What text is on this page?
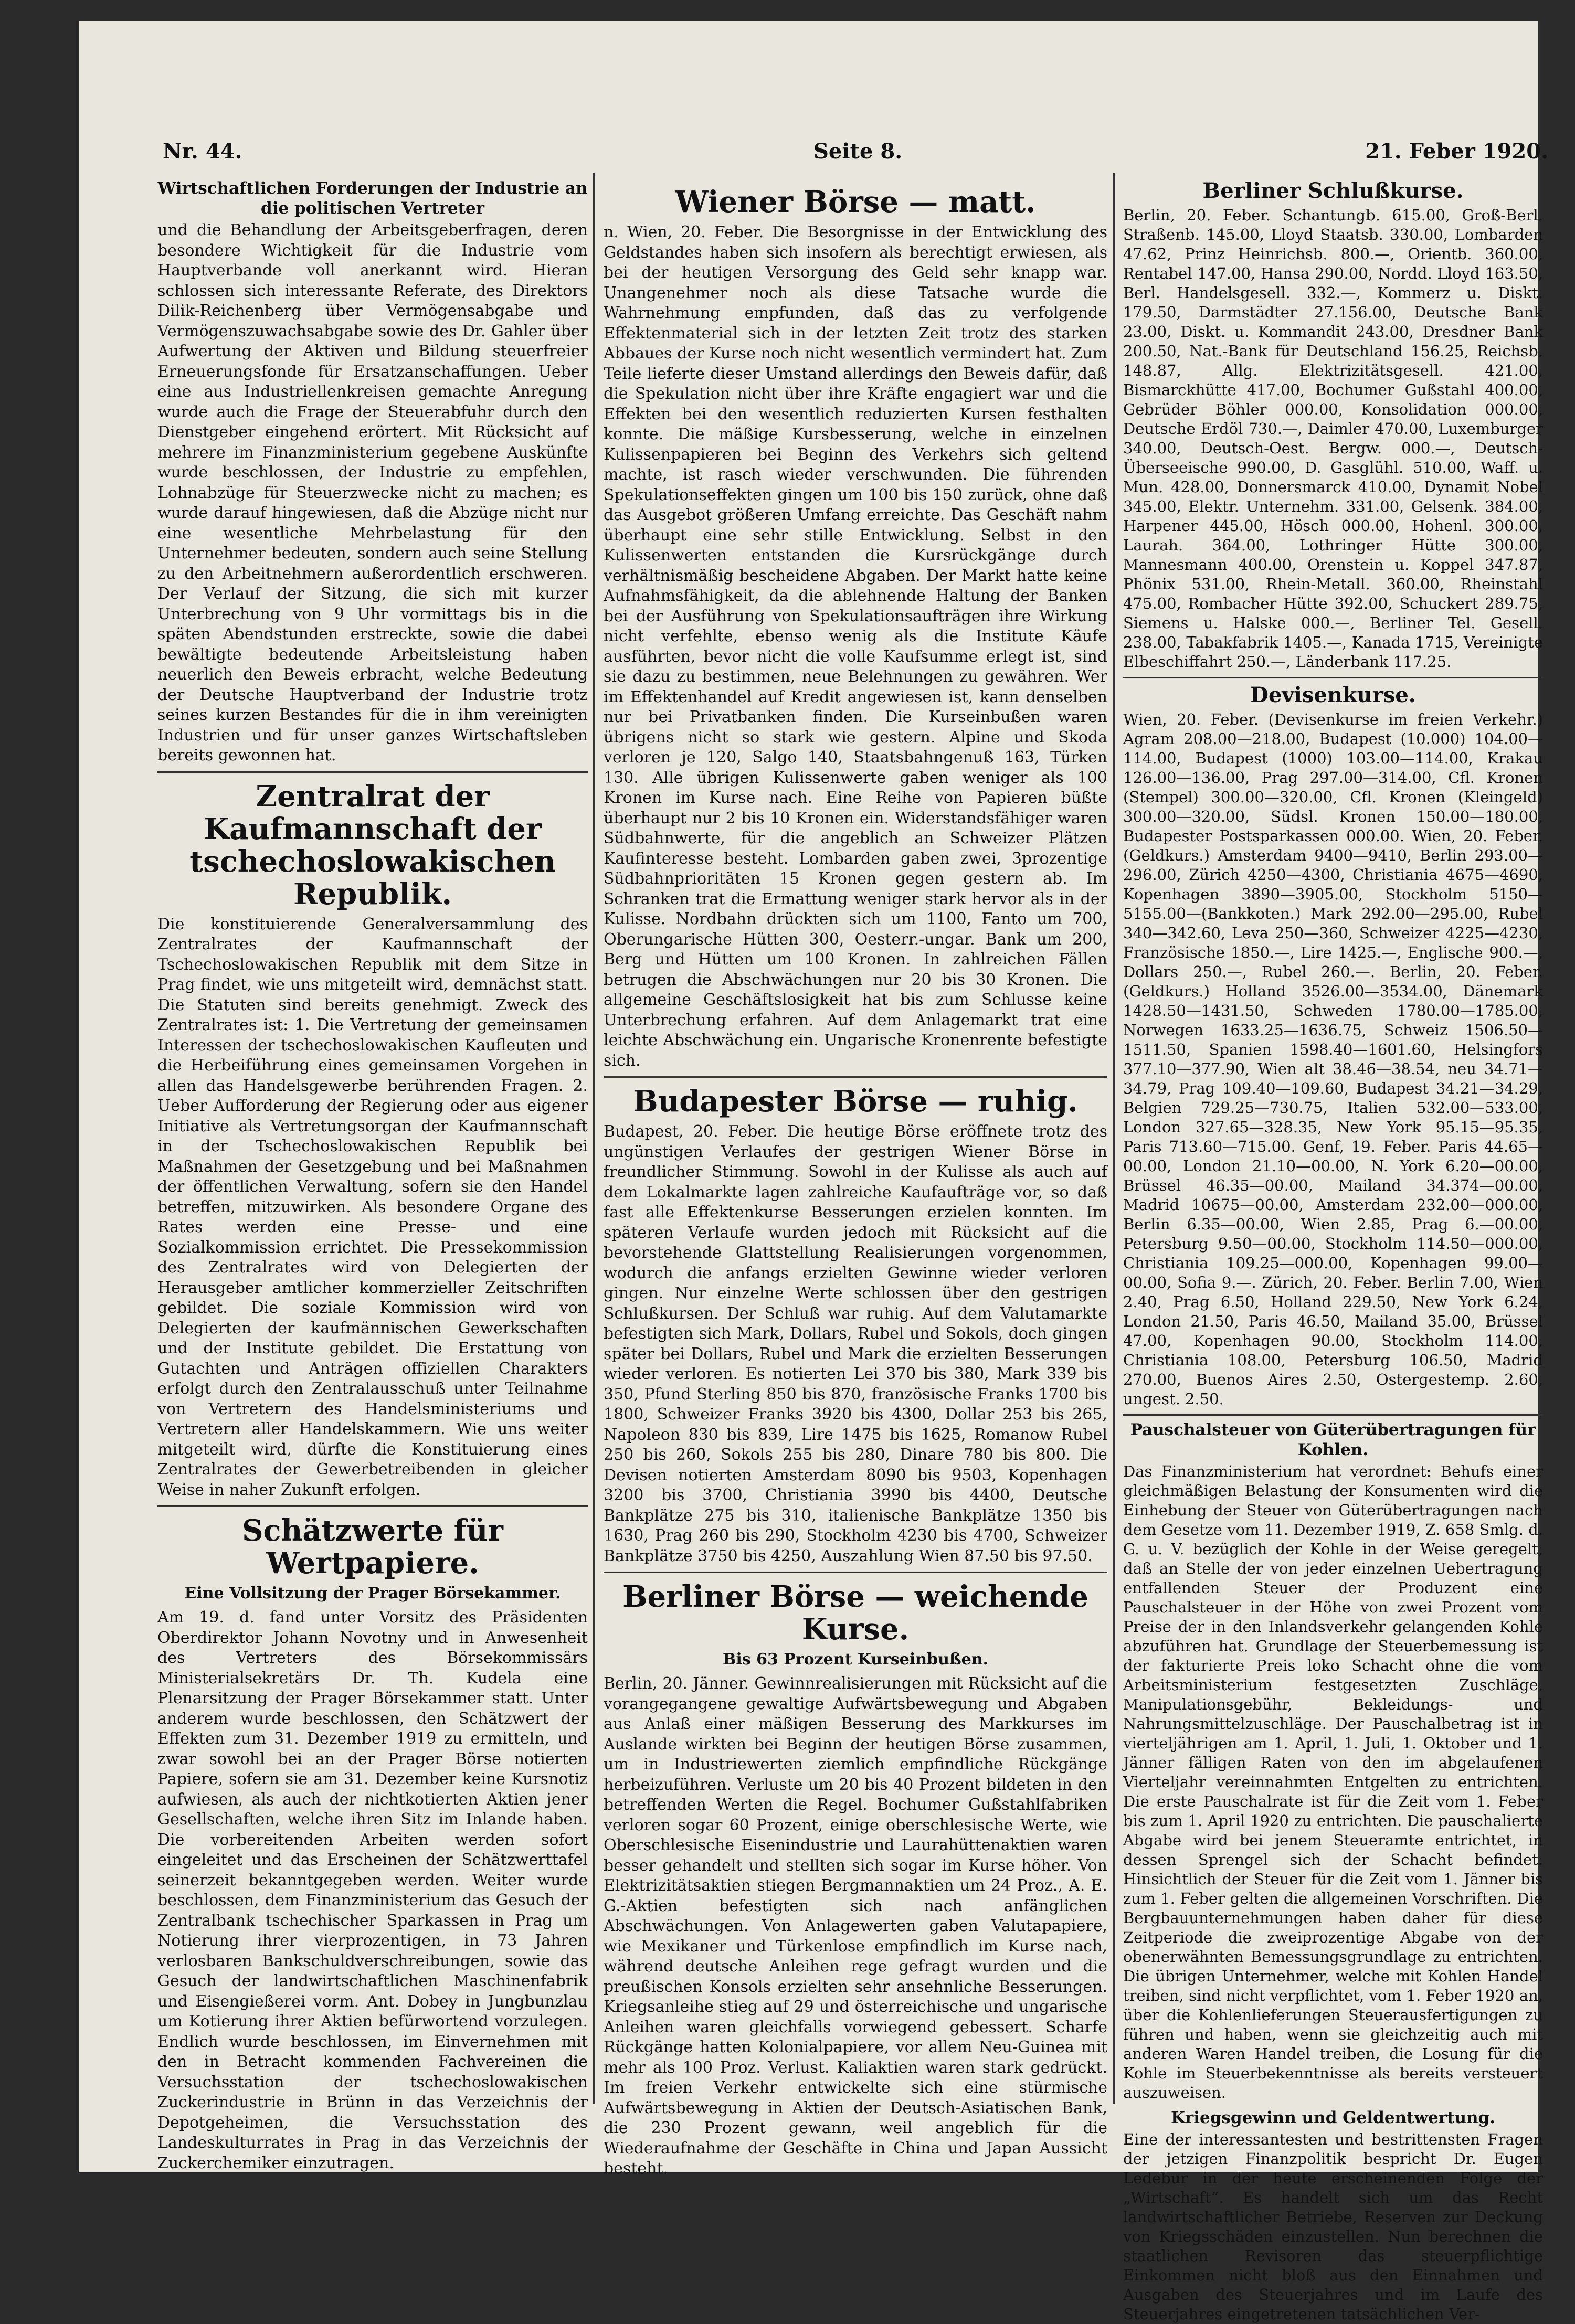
Nr. 44.	Seite 8.	21. Feber 1920.
Wirtschaftlichen Forderungen der Industrie an die politischen Vertreter

und die Behandlung der Arbeitsgeberfragen, deren besondere Wichtigkeit für die Industrie vom Hauptverbande voll anerkannt wird. Hieran schlossen sich interessante Referate, des Direktors Dilik-Reichenberg über Vermögensabgabe und Vermögenszuwachsabgabe sowie des Dr. Gahler über Aufwertung der Aktiven und Bildung steuerfreier Erneuerungsfonde für Ersatzanschaffungen. Ueber eine aus Industriellenkreisen gemachte Anregung wurde auch die Frage der Steuerabfuhr durch den Dienstgeber eingehend erörtert. Mit Rücksicht auf mehrere im Finanzministerium gegebene Auskünfte wurde beschlossen, der Industrie zu empfehlen, Lohnabzüge für Steuerzwecke nicht zu machen; es wurde darauf hingewiesen, daß die Abzüge nicht nur eine wesentliche Mehrbelastung für den Unternehmer bedeuten, sondern auch seine Stellung zu den Arbeitnehmern außerordentlich erschweren. Der Verlauf der Sitzung, die sich mit kurzer Unterbrechung von 9 Uhr vormittags bis in die späten Abendstunden erstreckte, sowie die dabei bewältigte bedeutende Arbeitsleistung haben neuerlich den Beweis erbracht, welche Bedeutung der Deutsche Hauptverband der Industrie trotz seines kurzen Bestandes für die in ihm vereinigten Industrien und für unser ganzes Wirtschaftsleben bereits gewonnen hat.

Zentralrat der Kaufmannschaft der tschechoslowakischen Republik.

Die konstituierende Generalversammlung des Zentralrates der Kaufmannschaft der Tschechoslowakischen Republik mit dem Sitze in Prag findet, wie uns mitgeteilt wird, demnächst statt. Die Statuten sind bereits genehmigt. Zweck des Zentralrates ist: 1. Die Vertretung der gemeinsamen Interessen der tschechoslowakischen Kaufleuten und die Herbeiführung eines gemeinsamen Vorgehen in allen das Handelsgewerbe berührenden Fragen. 2. Ueber Aufforderung der Regierung oder aus eigener Initiative als Vertretungsorgan der Kaufmannschaft in der Tschechoslowakischen Republik bei Maßnahmen der Gesetzgebung und bei Maßnahmen der öffentlichen Verwaltung, sofern sie den Handel betreffen, mitzuwirken. Als besondere Organe des Rates werden eine Presse- und eine Sozialkommission errichtet. Die Pressekommission des Zentralrates wird von Delegierten der Herausgeber amtlicher kommerzieller Zeitschriften gebildet. Die soziale Kommission wird von Delegierten der kaufmännischen Gewerkschaften und der Institute gebildet. Die Erstattung von Gutachten und Anträgen offiziellen Charakters erfolgt durch den Zentralausschuß unter Teilnahme von Vertretern des Handelsministeriums und Vertretern aller Handelskammern. Wie uns weiter mitgeteilt wird, dürfte die Konstituierung eines Zentralrates der Gewerbetreibenden in gleicher Weise in naher Zukunft erfolgen.

Schätzwerte für Wertpapiere.
Eine Vollsitzung der Prager Börsekammer.

Am 19. d. fand unter Vorsitz des Präsidenten Oberdirektor Johann Novotny und in Anwesenheit des Vertreters des Börsekommissärs Ministerialsekretärs Dr. Th. Kudela eine Plenarsitzung der Prager Börsekammer statt. Unter anderem wurde beschlossen, den Schätzwert der Effekten zum 31. Dezember 1919 zu ermitteln, und zwar sowohl bei an der Prager Börse notierten Papiere, sofern sie am 31. Dezember keine Kursnotiz aufwiesen, als auch der nichtkotierten Aktien jener Gesellschaften, welche ihren Sitz im Inlande haben. Die vorbereitenden Arbeiten werden sofort eingeleitet und das Erscheinen der Schätzwerttafel seinerzeit bekanntgegeben werden. Weiter wurde beschlossen, dem Finanzministerium das Gesuch der Zentralbank tschechischer Sparkassen in Prag um Notierung ihrer vierprozentigen, in 73 Jahren verlosbaren Bankschuldverschreibungen, sowie das Gesuch der landwirtschaftlichen Maschinenfabrik und Eisengießerei vorm. Ant. Dobey in Jungbunzlau um Kotierung ihrer Aktien befürwortend vorzulegen. Endlich wurde beschlossen, im Einvernehmen mit den in Betracht kommenden Fachvereinen die Versuchsstation der tschechoslowakischen Zuckerindustrie in Brünn in das Verzeichnis der Depotgeheimen, die Versuchsstation des Landeskulturrates in Prag in das Verzeichnis der Zuckerchemiker einzutragen.

Wiener Börse — matt.

n. Wien, 20. Feber. Die Besorgnisse in der Entwicklung des Geldstandes haben sich insofern als berechtigt erwiesen, als bei der heutigen Versorgung des Geld sehr knapp war. Unangenehmer noch als diese Tatsache wurde die Wahrnehmung empfunden, daß das zu verfolgende Effektenmaterial sich in der letzten Zeit trotz des starken Abbaues der Kurse noch nicht wesentlich vermindert hat. Zum Teile lieferte dieser Umstand allerdings den Beweis dafür, daß die Spekulation nicht über ihre Kräfte engagiert war und die Effekten bei den wesentlich reduzierten Kursen festhalten konnte. Die mäßige Kursbesserung, welche in einzelnen Kulissenpapieren bei Beginn des Verkehrs sich geltend machte, ist rasch wieder verschwunden. Die führenden Spekulationseffekten gingen um 100 bis 150 zurück, ohne daß das Ausgebot größeren Umfang erreichte. Das Geschäft nahm überhaupt eine sehr stille Entwicklung. Selbst in den Kulissenwerten entstanden die Kursrückgänge durch verhältnismäßig bescheidene Abgaben. Der Markt hatte keine Aufnahmsfähigkeit, da die ablehnende Haltung der Banken bei der Ausführung von Spekulationsaufträgen ihre Wirkung nicht verfehlte, ebenso wenig als die Institute Käufe ausführten, bevor nicht die volle Kaufsumme erlegt ist, sind sie dazu zu bestimmen, neue Belehnungen zu gewähren. Wer im Effektenhandel auf Kredit angewiesen ist, kann denselben nur bei Privatbanken finden. Die Kurseinbußen waren übrigens nicht so stark wie gestern. Alpine und Skoda verloren je 120, Salgo 140, Staatsbahngenuß 163, Türken 130. Alle übrigen Kulissenwerte gaben weniger als 100 Kronen im Kurse nach. Eine Reihe von Papieren büßte überhaupt nur 2 bis 10 Kronen ein. Widerstandsfähiger waren Südbahnwerte, für die angeblich an Schweizer Plätzen Kaufinteresse besteht. Lombarden gaben zwei, 3prozentige Südbahnprioritäten 15 Kronen gegen gestern ab. Im Schranken trat die Ermattung weniger stark hervor als in der Kulisse. Nordbahn drückten sich um 1100, Fanto um 700, Oberungarische Hütten 300, Oesterr.-ungar. Bank um 200, Berg und Hütten um 100 Kronen. In zahlreichen Fällen betrugen die Abschwächungen nur 20 bis 30 Kronen. Die allgemeine Geschäftslosigkeit hat bis zum Schlusse keine Unterbrechung erfahren. Auf dem Anlagemarkt trat eine leichte Abschwächung ein. Ungarische Kronenrente befestigte sich.

Budapester Börse — ruhig.

Budapest, 20. Feber. Die heutige Börse eröffnete trotz des ungünstigen Verlaufes der gestrigen Wiener Börse in freundlicher Stimmung. Sowohl in der Kulisse als auch auf dem Lokalmarkte lagen zahlreiche Kaufaufträge vor, so daß fast alle Effektenkurse Besserungen erzielen konnten. Im späteren Verlaufe wurden jedoch mit Rücksicht auf die bevorstehende Glattstellung Realisierungen vorgenommen, wodurch die anfangs erzielten Gewinne wieder verloren gingen. Nur einzelne Werte schlossen über den gestrigen Schlußkursen. Der Schluß war ruhig. Auf dem Valutamarkte befestigten sich Mark, Dollars, Rubel und Sokols, doch gingen später bei Dollars, Rubel und Mark die erzielten Besserungen wieder verloren. Es notierten Lei 370 bis 380, Mark 339 bis 350, Pfund Sterling 850 bis 870, französische Franks 1700 bis 1800, Schweizer Franks 3920 bis 4300, Dollar 253 bis 265, Napoleon 830 bis 839, Lire 1475 bis 1625, Romanow Rubel 250 bis 260, Sokols 255 bis 280, Dinare 780 bis 800. Die Devisen notierten Amsterdam 8090 bis 9503, Kopenhagen 3200 bis 3700, Christiania 3990 bis 4400, Deutsche Bankplätze 275 bis 310, italienische Bankplätze 1350 bis 1630, Prag 260 bis 290, Stockholm 4230 bis 4700, Schweizer Bankplätze 3750 bis 4250, Auszahlung Wien 87.50 bis 97.50.

Berliner Börse — weichende Kurse.
Bis 63 Prozent Kurseinbußen.

Berlin, 20. Jänner. Gewinnrealisierungen mit Rücksicht auf die vorangegangene gewaltige Aufwärtsbewegung und Abgaben aus Anlaß einer mäßigen Besserung des Markkurses im Auslande wirkten bei Beginn der heutigen Börse zusammen, um in Industriewerten ziemlich empfindliche Rückgänge herbeizuführen. Verluste um 20 bis 40 Prozent bildeten in den betreffenden Werten die Regel. Bochumer Gußstahlfabriken verloren sogar 60 Prozent, einige oberschlesische Werte, wie Oberschlesische Eisenindustrie und Laurahüttenaktien waren besser gehandelt und stellten sich sogar im Kurse höher. Von Elektrizitätsaktien stiegen Bergmannaktien um 24 Proz., A. E. G.-Aktien befestigten sich nach anfänglichen Abschwächungen. Von Anlagewerten gaben Valutapapiere, wie Mexikaner und Türkenlose empfindlich im Kurse nach, während deutsche Anleihen rege gefragt wurden und die preußischen Konsols erzielten sehr ansehnliche Besserungen. Kriegsanleihe stieg auf 29 und österreichische und ungarische Anleihen waren gleichfalls vorwiegend gebessert. Scharfe Rückgänge hatten Kolonialpapiere, vor allem Neu-Guinea mit mehr als 100 Proz. Verlust. Kaliaktien waren stark gedrückt. Im freien Verkehr entwickelte sich eine stürmische Aufwärtsbewegung in Aktien der Deutsch-Asiatischen Bank, die 230 Prozent gewann, weil angeblich für die Wiederaufnahme der Geschäfte in China und Japan Aussicht besteht.

Berliner Schlußkurse.

Berlin, 20. Feber. Schantungb. 615.00, Groß-Berl. Straßenb. 145.00, Lloyd Staatsb. 330.00, Lombarden 47.62, Prinz Heinrichsb. 800.—, Orientb. 360.00, Rentabel 147.00, Hansa 290.00, Nordd. Lloyd 163.50, Berl. Handelsgesell. 332.—, Kommerz u. Diskt. 179.50, Darmstädter 27.156.00, Deutsche Bank 23.00, Diskt. u. Kommandit 243.00, Dresdner Bank 200.50, Nat.-Bank für Deutschland 156.25, Reichsb. 148.87, Allg. Elektrizitätsgesell. 421.00, Bismarckhütte 417.00, Bochumer Gußstahl 400.00, Gebrüder Böhler 000.00, Konsolidation 000.00, Deutsche Erdöl 730.—, Daimler 470.00, Luxemburger 340.00, Deutsch-Oest. Bergw. 000.—, Deutsch-Überseeische 990.00, D. Gasglühl. 510.00, Waff. u. Mun. 428.00, Donnersmarck 410.00, Dynamit Nobel 345.00, Elektr. Unternehm. 331.00, Gelsenk. 384.00, Harpener 445.00, Hösch 000.00, Hohenl. 300.00, Laurah. 364.00, Lothringer Hütte 300.00, Mannesmann 400.00, Orenstein u. Koppel 347.87, Phönix 531.00, Rhein-Metall. 360.00, Rheinstahl 475.00, Rombacher Hütte 392.00, Schuckert 289.75, Siemens u. Halske 000.—, Berliner Tel. Gesell. 238.00, Tabakfabrik 1405.—, Kanada 1715, Vereinigte Elbeschiffahrt 250.—, Länderbank 117.25.

Devisenkurse.

Wien, 20. Feber. (Devisenkurse im freien Verkehr.) Agram 208.00—218.00, Budapest (10.000) 104.00—114.00, Budapest (1000) 103.00—114.00, Krakau 126.00—136.00, Prag 297.00—314.00, Cfl. Kronen (Stempel) 300.00—320.00, Cfl. Kronen (Kleingeld) 300.00—320.00, Südsl. Kronen 150.00—180.00, Budapester Postsparkassen 000.00. Wien, 20. Feber. (Geldkurs.) Amsterdam 9400—9410, Berlin 293.00—296.00, Zürich 4250—4300, Christiania 4675—4690, Kopenhagen 3890—3905.00, Stockholm 5150—5155.00—(Bankkoten.) Mark 292.00—295.00, Rubel 340—342.60, Leva 250—360, Schweizer 4225—4230, Französische 1850.—, Lire 1425.—, Englische 900.—, Dollars 250.—, Rubel 260.—. Berlin, 20. Feber. (Geldkurs.) Holland 3526.00—3534.00, Dänemark 1428.50—1431.50, Schweden 1780.00—1785.00, Norwegen 1633.25—1636.75, Schweiz 1506.50—1511.50, Spanien 1598.40—1601.60, Helsingfors 377.10—377.90, Wien alt 38.46—38.54, neu 34.71—34.79, Prag 109.40—109.60, Budapest 34.21—34.29, Belgien 729.25—730.75, Italien 532.00—533.00, London 327.65—328.35, New York 95.15—95.35, Paris 713.60—715.00. Genf, 19. Feber. Paris 44.65—00.00, London 21.10—00.00, N. York 6.20—00.00, Brüssel 46.35—00.00, Mailand 34.374—00.00, Madrid 10675—00.00, Amsterdam 232.00—000.00, Berlin 6.35—00.00, Wien 2.85, Prag 6.—00.00, Petersburg 9.50—00.00, Stockholm 114.50—000.00, Christiania 109.25—000.00, Kopenhagen 99.00—00.00, Sofia 9.—. Zürich, 20. Feber. Berlin 7.00, Wien 2.40, Prag 6.50, Holland 229.50, New York 6.24, London 21.50, Paris 46.50, Mailand 35.00, Brüssel 47.00, Kopenhagen 90.00, Stockholm 114.00, Christiania 108.00, Petersburg 106.50, Madrid 270.00, Buenos Aires 2.50, Ostergestemp. 2.60, ungest. 2.50.

Pauschalsteuer von Güterübertragungen für Kohlen.

Das Finanzministerium hat verordnet: Behufs einer gleichmäßigen Belastung der Konsumenten wird die Einhebung der Steuer von Güterübertragungen nach dem Gesetze vom 11. Dezember 1919, Z. 658 Smlg. d. G. u. V. bezüglich der Kohle in der Weise geregelt, daß an Stelle der von jeder einzelnen Uebertragung entfallenden Steuer der Produzent eine Pauschalsteuer in der Höhe von zwei Prozent vom Preise der in den Inlandsverkehr gelangenden Kohle abzuführen hat. Grundlage der Steuerbemessung ist der fakturierte Preis loko Schacht ohne die vom Arbeitsministerium festgesetzten Zuschläge. Manipulationsgebühr, Bekleidungs- und Nahrungsmittelzuschläge. Der Pauschalbetrag ist in vierteljährigen am 1. April, 1. Juli, 1. Oktober und 1. Jänner fälligen Raten von den im abgelaufenen Vierteljahr vereinnahmten Entgelten zu entrichten. Die erste Pauschalrate ist für die Zeit vom 1. Feber bis zum 1. April 1920 zu entrichten. Die pauschalierte Abgabe wird bei jenem Steueramte entrichtet, in dessen Sprengel sich der Schacht befindet. Hinsichtlich der Steuer für die Zeit vom 1. Jänner bis zum 1. Feber gelten die allgemeinen Vorschriften. Die Bergbauunternehmungen haben daher für diese Zeitperiode die zweiprozentige Abgabe von der obenerwähnten Bemessungsgrundlage zu entrichten. Die übrigen Unternehmer, welche mit Kohlen Handel treiben, sind nicht verpflichtet, vom 1. Feber 1920 an, über die Kohlenlieferungen Steuerausfertigungen zu führen und haben, wenn sie gleichzeitig auch mit anderen Waren Handel treiben, die Losung für die Kohle im Steuerbekenntnisse als bereits versteuert auszuweisen.

Kriegsgewinn und Geldentwertung.

Eine der interessantesten und bestrittensten Fragen der jetzigen Finanzpolitik bespricht Dr. Eugen Ledebur in der heute erscheinenden Folge der „Wirtschaft“. Es handelt sich um das Recht landwirtschaftlicher Betriebe, Reserven zur Deckung von Kriegsschäden einzustellen. Nun berechnen die staatlichen Revisoren das steuerpflichtige Einkommen nicht bloß aus den Einnahmen und Ausgaben des Steuerjahres und im Laufe des Steuerjahres eingetretenen tatsächlichen Ver-
